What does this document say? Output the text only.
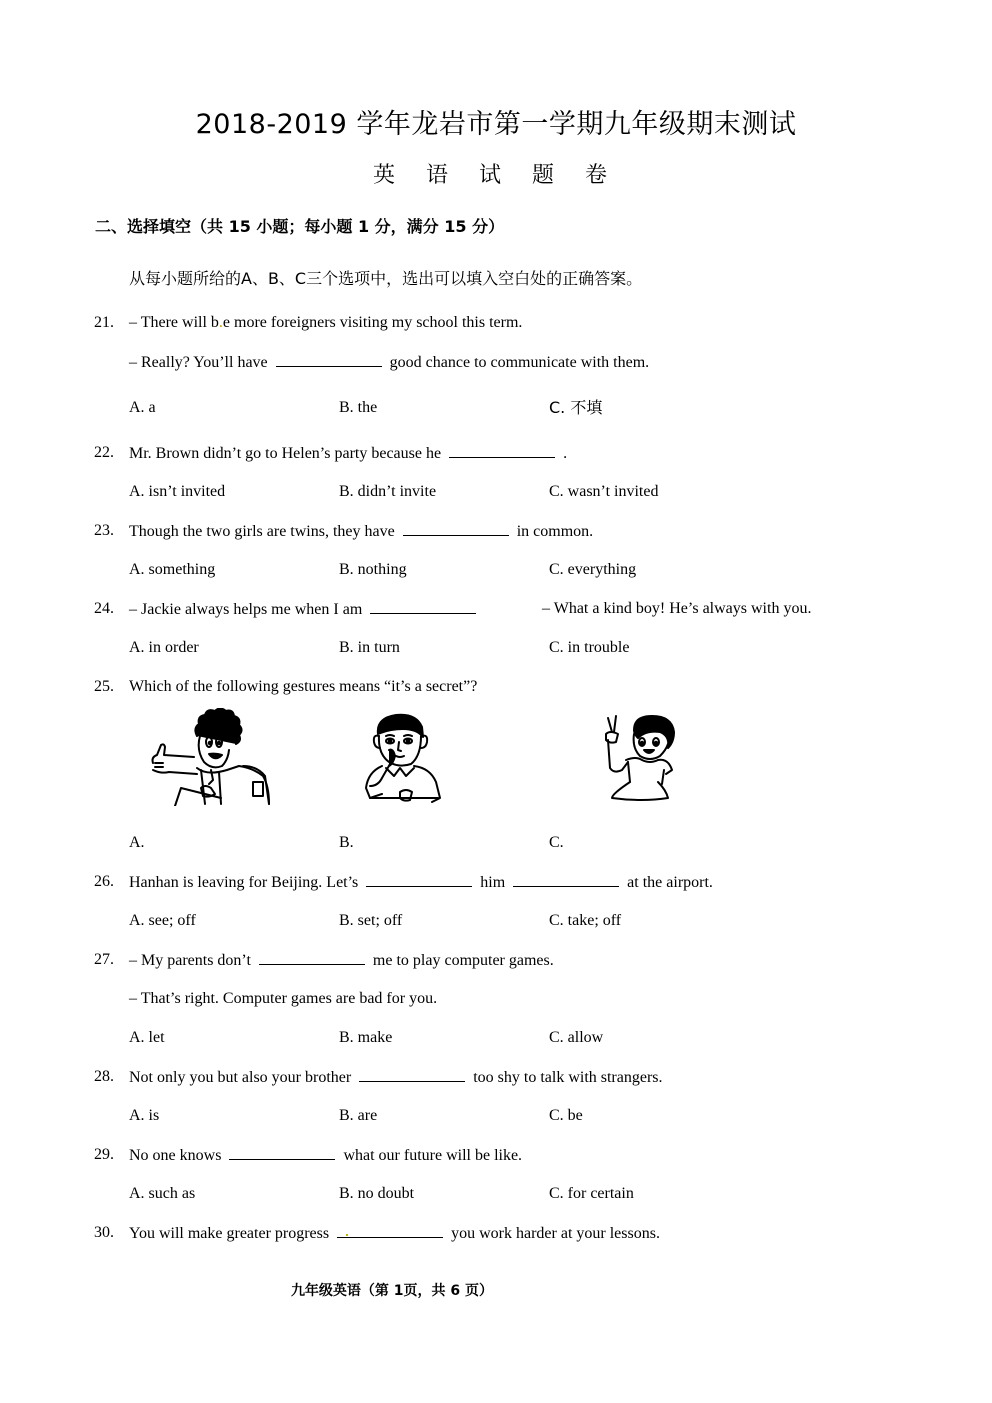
2018-2019 学年龙岩市第一学期九年级期末测试
英 语 试 题 卷
二、选择填空（共 15 小题；每小题 1 分，满分 15 分）
从每小题所给的A、B、C三个选项中，选出可以填入空白处的正确答案。
21. – There will b.e more foreigners visiting my school this term.
– Really? You’ll have	good chance to communicate with them.
A. a	B. the	C. 不填
22. Mr. Brown didn’t go to Helen’s party because he	.
A. isn’t invited	B. didn’t invite	C. wasn’t invited
23. Though the two girls are twins, they have	in common.
A. something	B. nothing	C. everything
24. – Jackie always helps me when I am	– What a kind boy! He’s always with you.
A. in order	B. in turn	C. in trouble
25. Which of the following gestures means “it’s a secret”?
A.	B.	C.
26. Hanhan is leaving for Beijing. Let’s	him	at the airport.
A. see; off	B. set; off	C. take; off
27. – My parents don’t	me to play computer games.
– That’s right. Computer games are bad for you.
A. let	B. make	C. allow
28. Not only you but also your brother	too shy to talk with strangers.
A. is	B. are	C. be
29. No one knows	what our future will be like.
A. such as	B. no doubt	C. for certain
30. You will make greater progress	you work harder at your lessons.
九年级英语（第 1页，共 6 页）
